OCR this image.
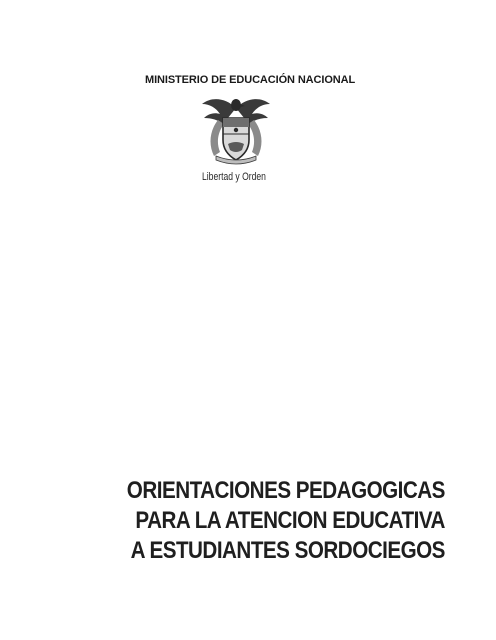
MINISTERIO DE EDUCACIÓN NACIONAL
Libertad y Orden
ORIENTACIONES PEDAGOGICAS
PARA LA ATENCION EDUCATIVA
A ESTUDIANTES SORDOCIEGOS
